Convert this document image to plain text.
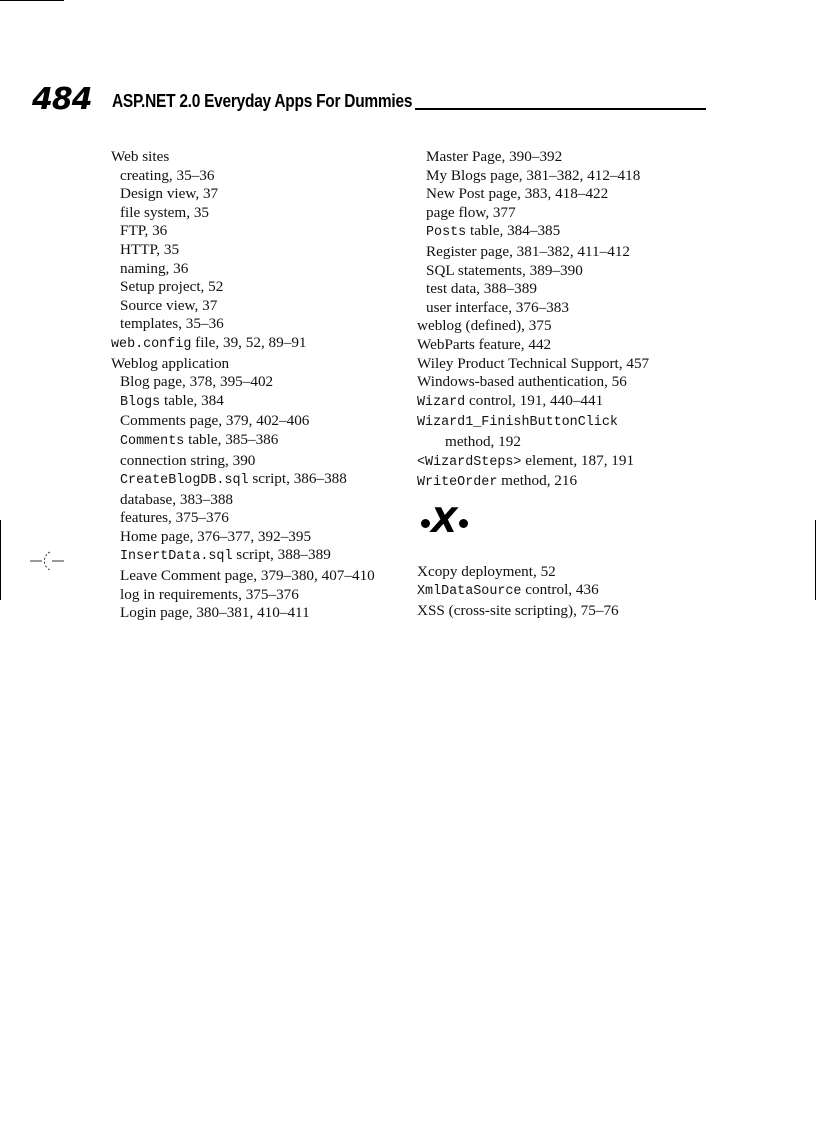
484 ASP.NET 2.0 Everyday Apps For Dummies
Web sites
creating, 35–36
Design view, 37
file system, 35
FTP, 36
HTTP, 35
naming, 36
Setup project, 52
Source view, 37
templates, 35–36
web.config file, 39, 52, 89–91
Weblog application
Blog page, 378, 395–402
Blogs table, 384
Comments page, 379, 402–406
Comments table, 385–386
connection string, 390
CreateBlogDB.sql script, 386–388
database, 383–388
features, 375–376
Home page, 376–377, 392–395
InsertData.sql script, 388–389
Leave Comment page, 379–380, 407–410
log in requirements, 375–376
Login page, 380–381, 410–411
Master Page, 390–392
My Blogs page, 381–382, 412–418
New Post page, 383, 418–422
page flow, 377
Posts table, 384–385
Register page, 381–382, 411–412
SQL statements, 389–390
test data, 388–389
user interface, 376–383
weblog (defined), 375
WebParts feature, 442
Wiley Product Technical Support, 457
Windows-based authentication, 56
Wizard control, 191, 440–441
Wizard1_FinishButtonClick
method, 192
<WizardSteps> element, 187, 191
WriteOrder method, 216
X
Xcopy deployment, 52
XmlDataSource control, 436
XSS (cross-site scripting), 75–76
